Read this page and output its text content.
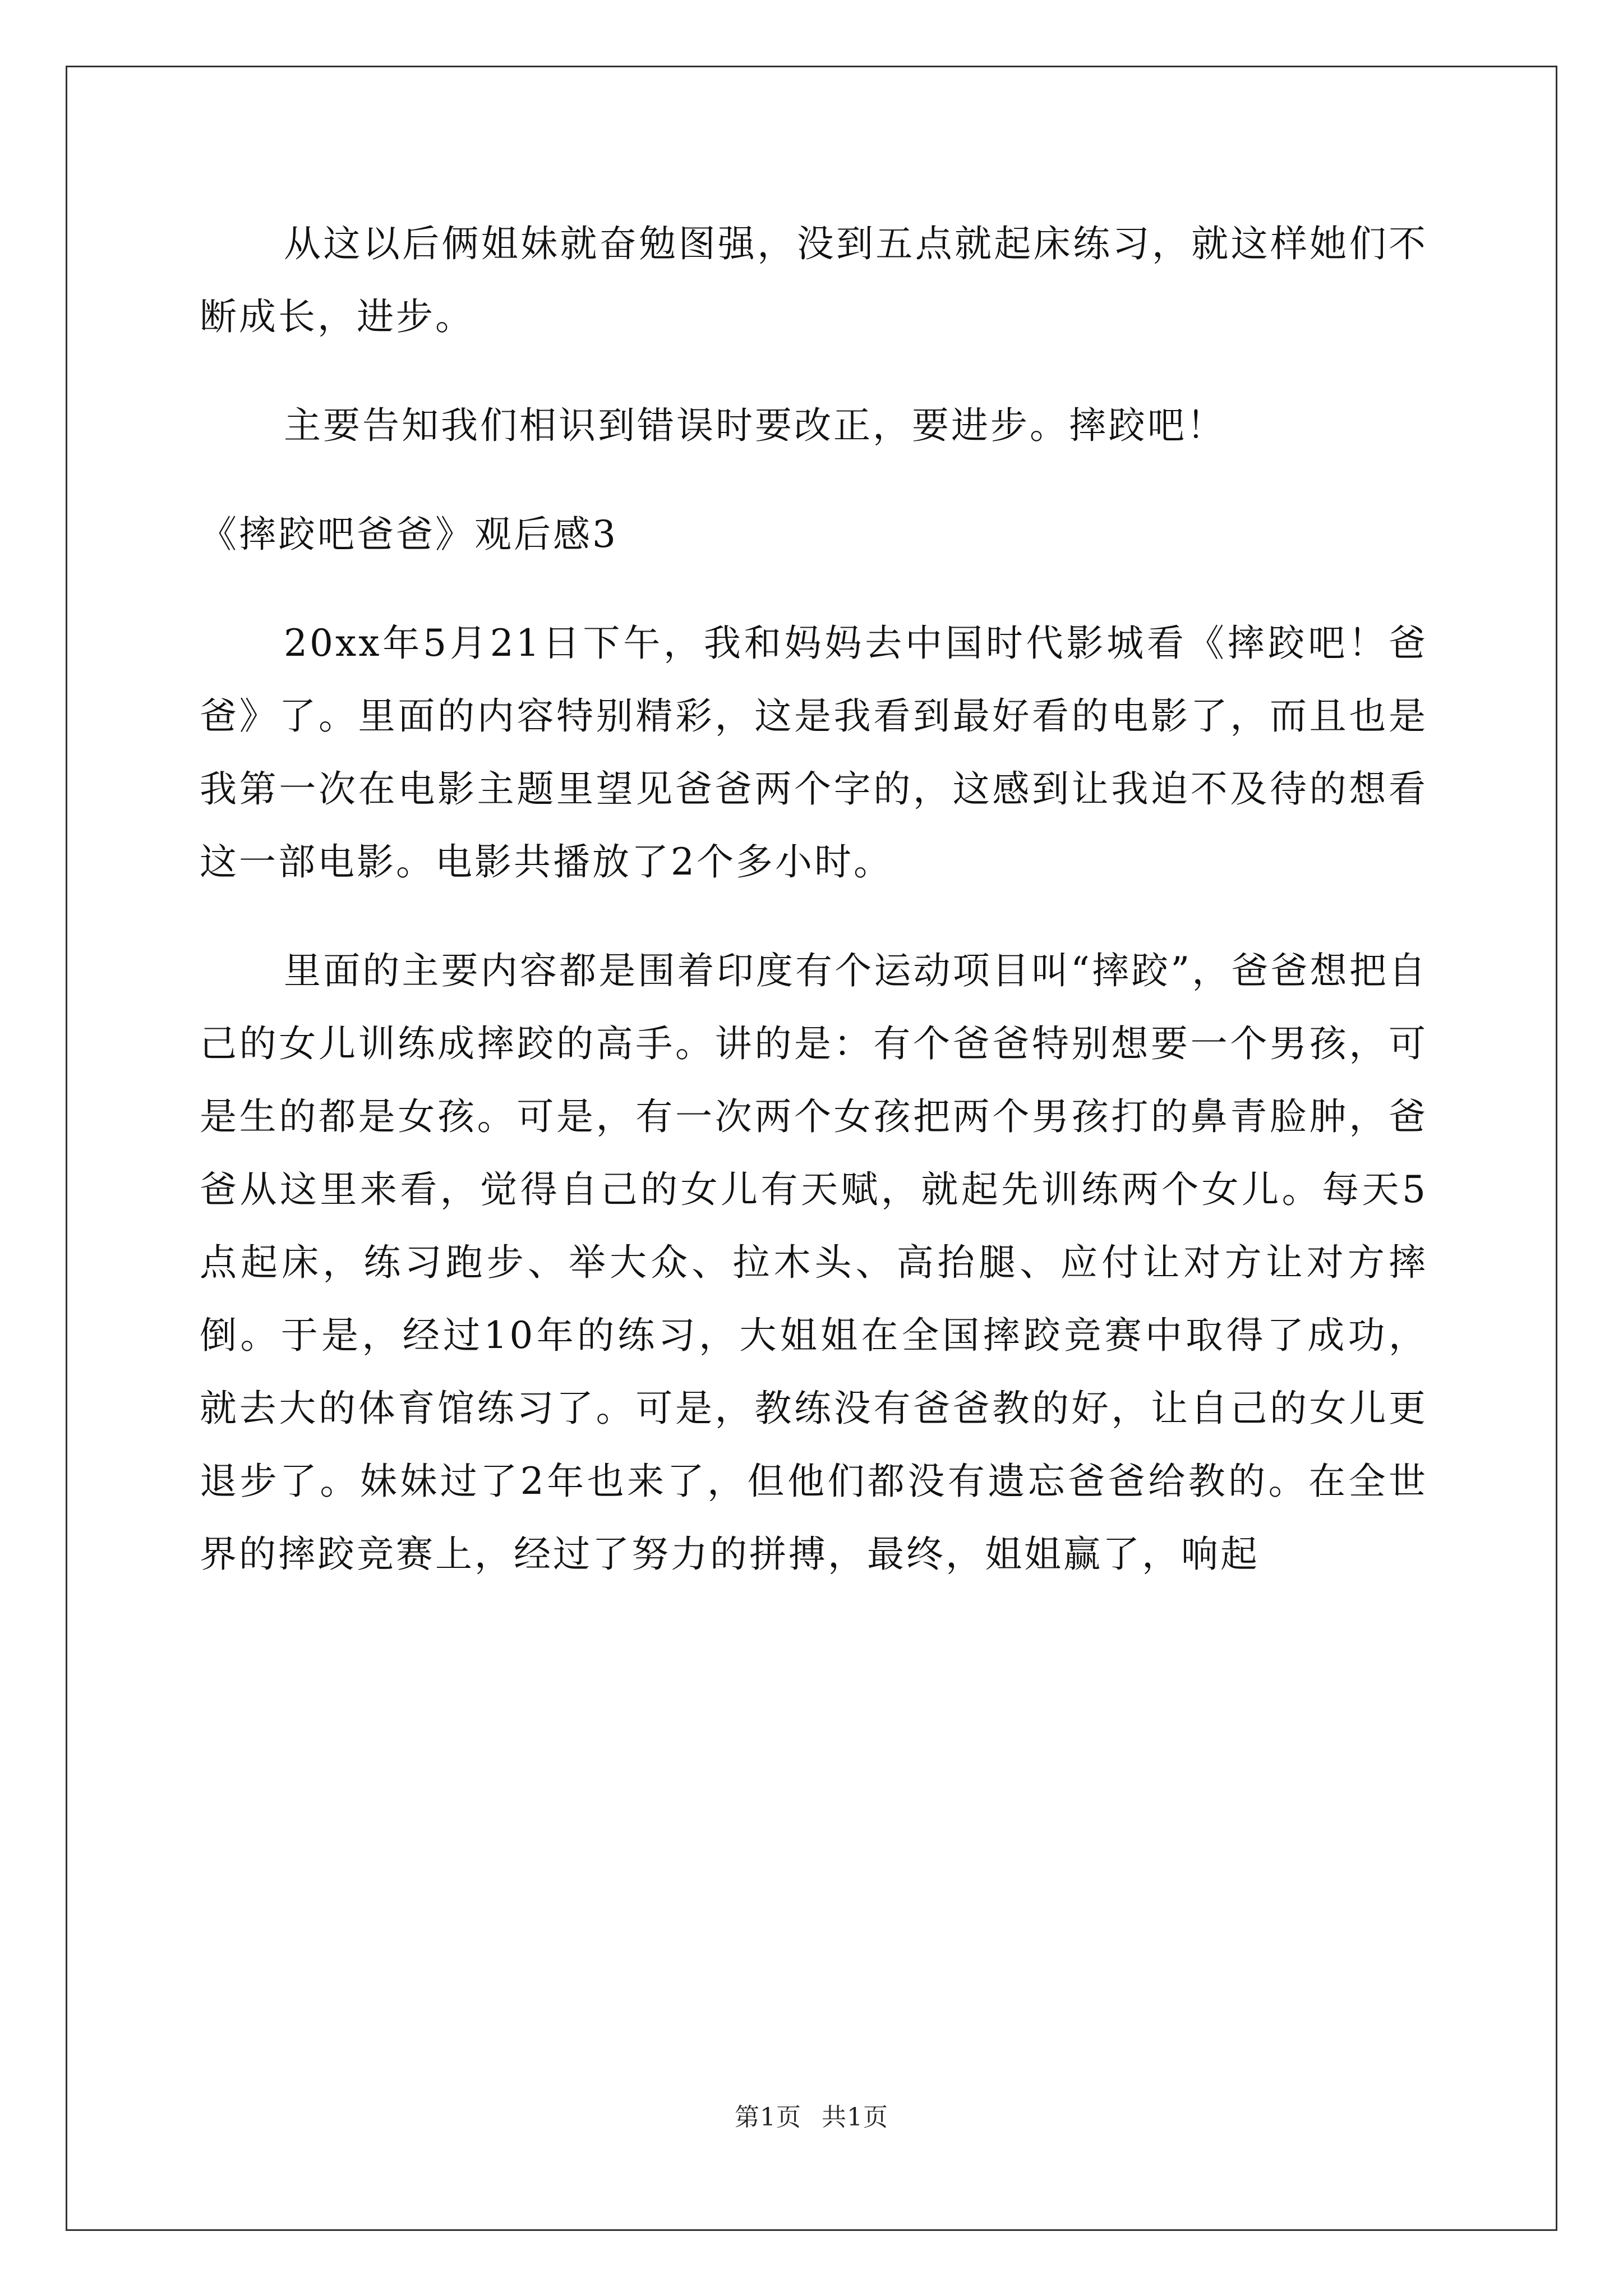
从这以后俩姐妹就奋勉图强，没到五点就起床练习，就这样她们不断成长，进步。

主要告知我们相识到错误时要改正，要进步。摔跤吧！

《摔跤吧爸爸》观后感3

20xx年5月21日下午，我和妈妈去中国时代影城看《摔跤吧！爸爸》了。里面的内容特别精彩，这是我看到最好看的电影了，而且也是我第一次在电影主题里望见爸爸两个字的，这感到让我迫不及待的想看这一部电影。电影共播放了2个多小时。

里面的主要内容都是围着印度有个运动项目叫“摔跤”，爸爸想把自己的女儿训练成摔跤的高手。讲的是：有个爸爸特别想要一个男孩，可是生的都是女孩。可是，有一次两个女孩把两个男孩打的鼻青脸肿，爸爸从这里来看，觉得自己的女儿有天赋，就起先训练两个女儿。每天5点起床，练习跑步、举大众、拉木头、高抬腿、应付让对方让对方摔倒。于是，经过10年的练习，大姐姐在全国摔跤竞赛中取得了成功，就去大的体育馆练习了。可是，教练没有爸爸教的好，让自己的女儿更退步了。妹妹过了2年也来了，但他们都没有遗忘爸爸给教的。在全世界的摔跤竞赛上，经过了努力的拼搏，最终，姐姐赢了，响起

第1页 共1页
